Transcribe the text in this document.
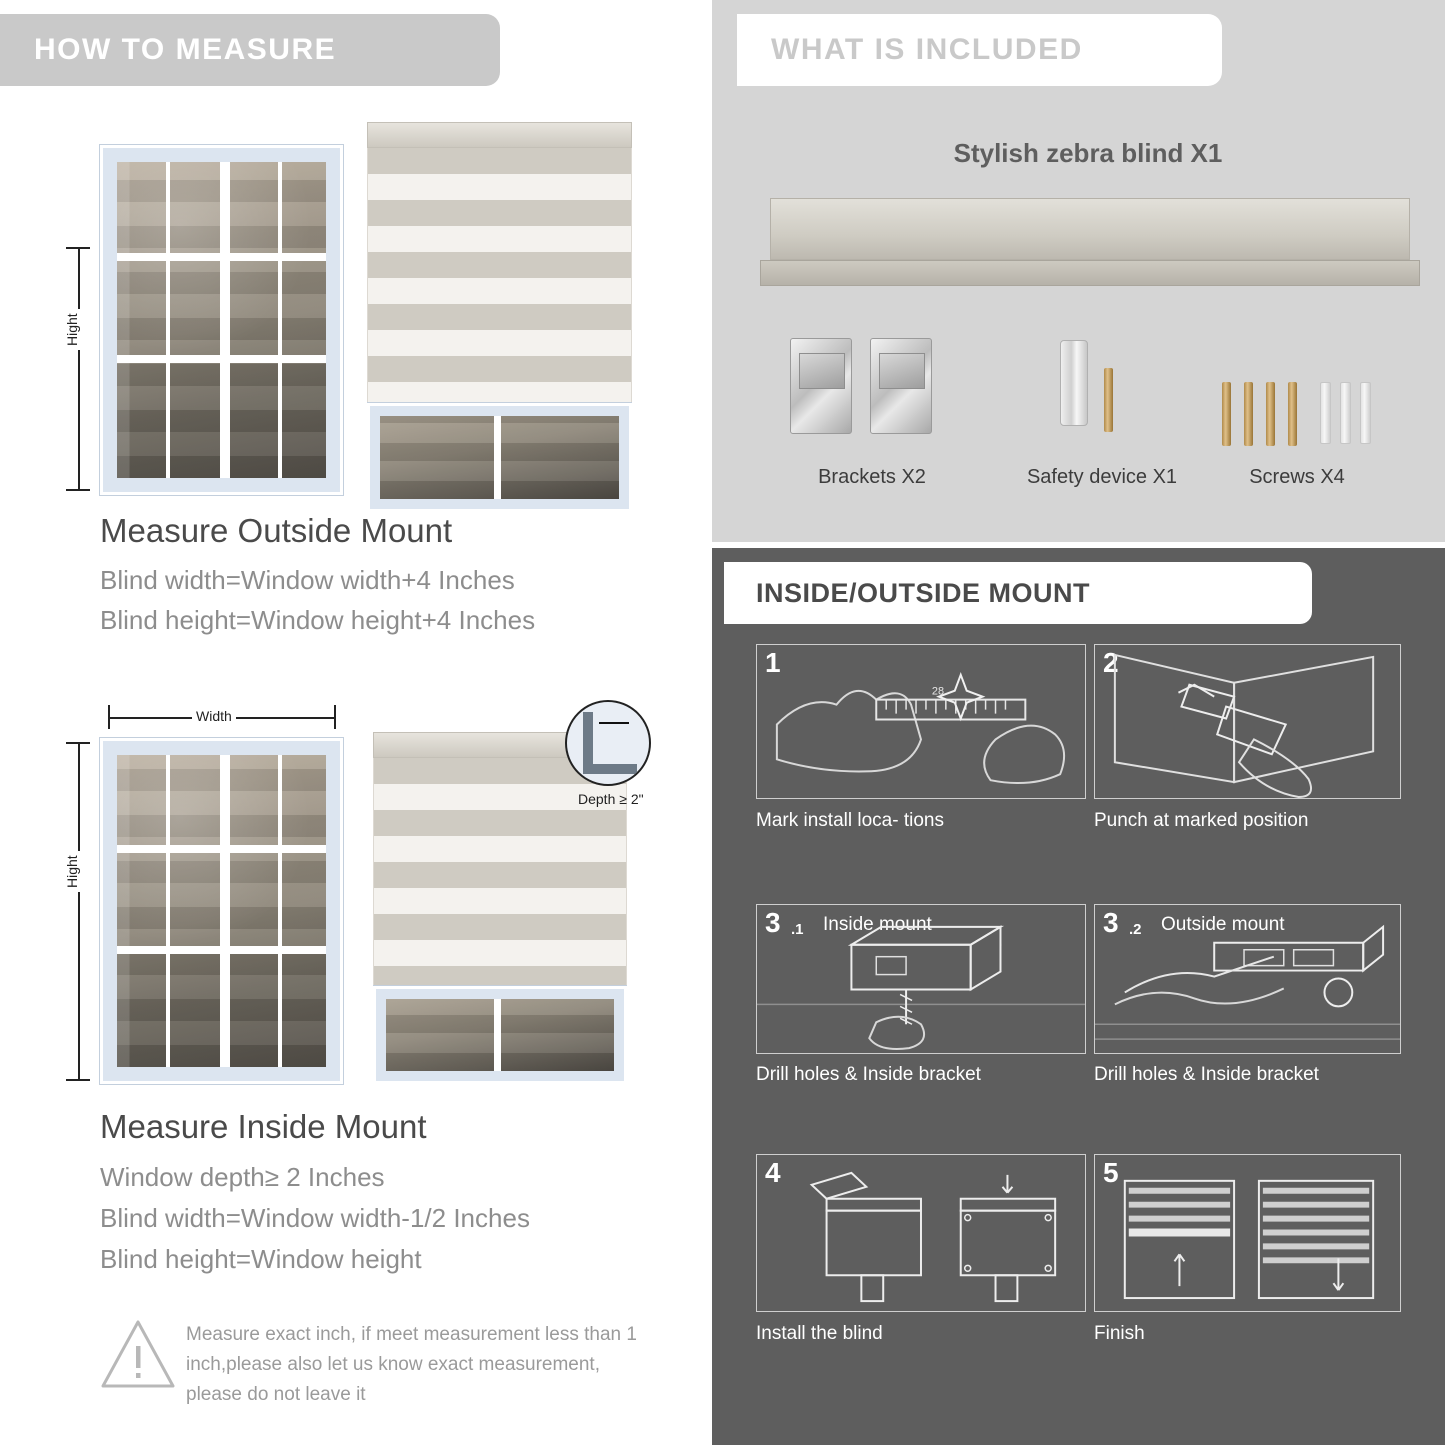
HOW TO MEASURE
Hight
Measure Outside Mount
Blind width=Window width+4 Inches
Blind height=Window height+4 Inches
Width
Hight
Depth ≥ 2"
Measure Inside Mount
Window depth≥ 2 Inches
Blind width=Window width-1/2 Inches
Blind height=Window height
Measure exact inch, if meet measurement less than 1 inch,please also let us know exact measurement, please do not leave it
Stylish zebra blind X1
Brackets X2	Safety device X1	Screws X4
WHAT IS INCLUDED
1
28
Mark install loca- tions
2
Punch at marked position
3 .1 Inside mount
Drill holes & Inside bracket
3 .2 Outside mount
Drill holes & Inside bracket
4
Install the blind
5
Finish
INSIDE/OUTSIDE MOUNT
